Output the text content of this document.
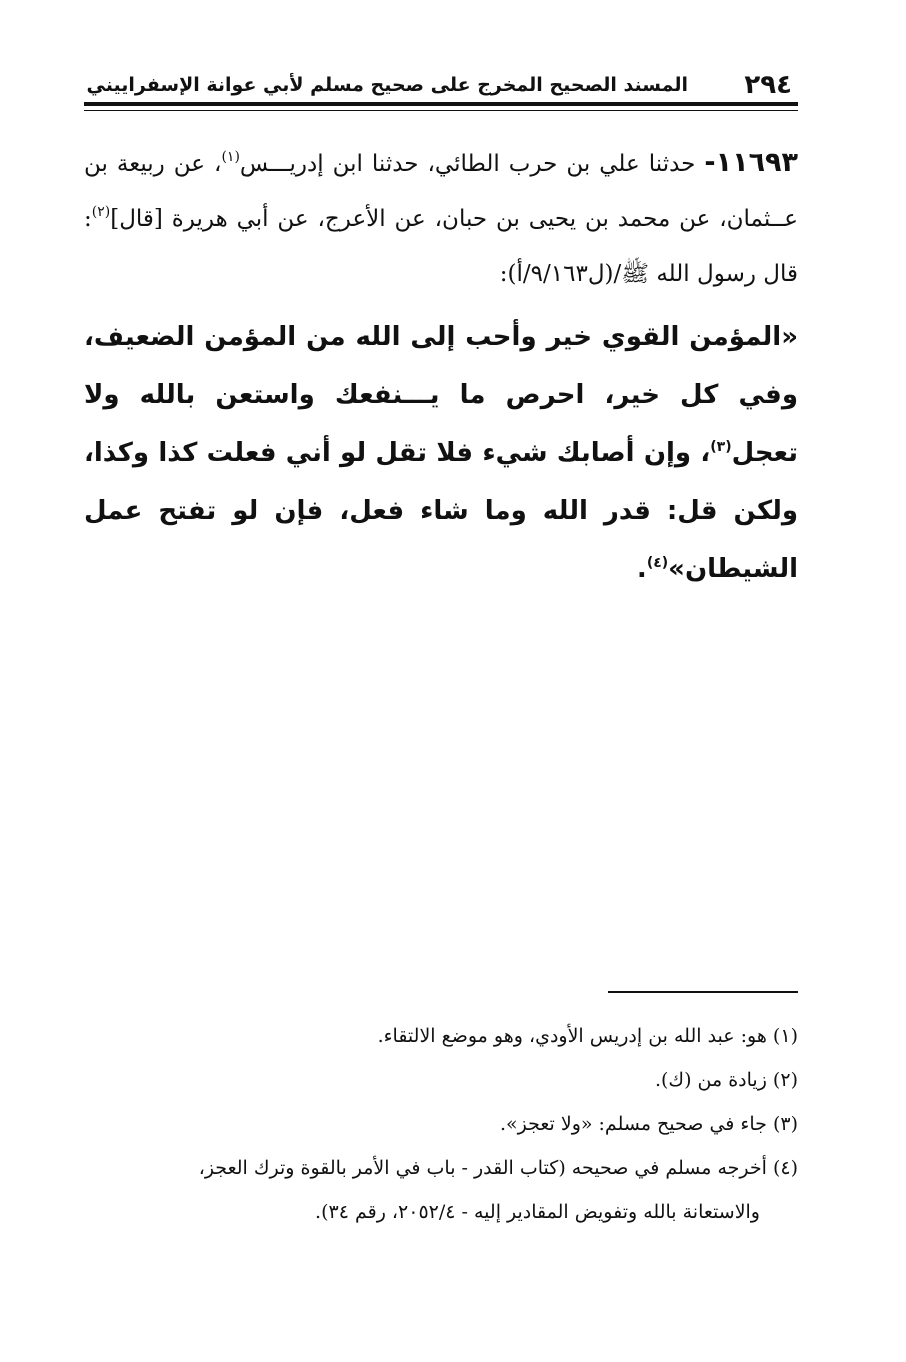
٢٩٤
المسند الصحيح المخرج على صحيح مسلم لأبي عوانة الإسفراييني

١١٦٩٣- حدثنا علي بن حرب الطائي، حدثنا ابن إدريـــس$^{(١)}$، عن ربيعة بن عــثمان، عن محمد بن يحيى بن حبان، عن الأعرج، عن أبي هريرة [قال]$^{(٢)}$: قال رسول الله ﷺ/(ل٩/١٦٣/أ):

«المؤمن القوي خير وأحب إلى الله من المؤمن الضعيف، وفي كل خير، احرص ما يـــنفعك واستعن بالله ولا تعجل$^{(٣)}$، وإن أصابك شيء فلا تقل لو أني فعلت كذا وكذا، ولكن قل: قدر الله وما شاء فعل، فإن لو تفتح عمل الشيطان»$^{(٤)}$.

(١) هو: عبد الله بن إدريس الأودي، وهو موضع الالتقاء.

(٢) زيادة من (ك).

(٣) جاء في صحيح مسلم: «ولا تعجز».

(٤) أخرجه مسلم في صحيحه (كتاب القدر - باب في الأمر بالقوة وترك العجز،
والاستعانة بالله وتفويض المقادير إليه - ٢٠٥٢/٤، رقم ٣٤).
